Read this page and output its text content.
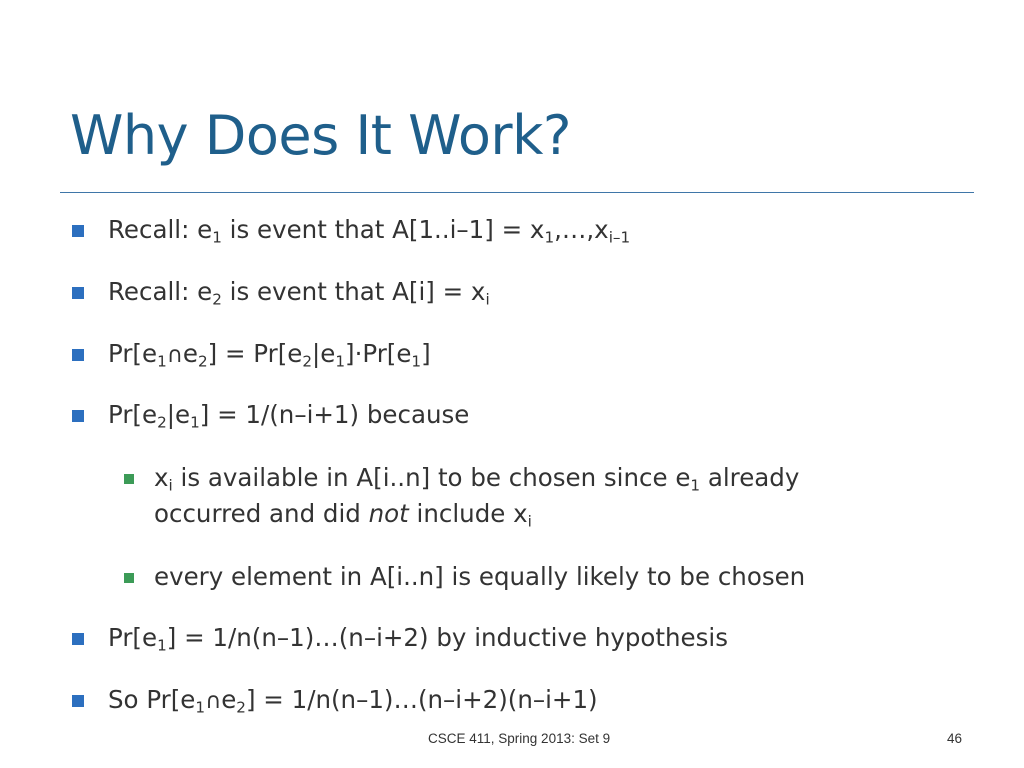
Why Does It Work?
Recall: $e_1$ is event that $A[1..i-1] = x_1,\dots,x_{i-1}$
Recall: $e_2$ is event that $A[i] = x_i$
$Pr[e_1\cap e_2] = Pr[e_2|e_1]\cdot Pr[e_1]$
$Pr[e_2|e_1] = 1/(n-i+1)$ because
$x_i$ is available in A[i..n] to be chosen since $e_1$ already
occurred and did not include $x_i$
every element in A[i..n] is equally likely to be chosen
$Pr[e_1]$ = 1/n(n–1)…(n–i+2) by inductive hypothesis
So $Pr[e_1\cap e_2]$ = 1/n(n–1)…(n–i+2)(n–i+1)
CSCE 411, Spring 2013: Set 9	46
